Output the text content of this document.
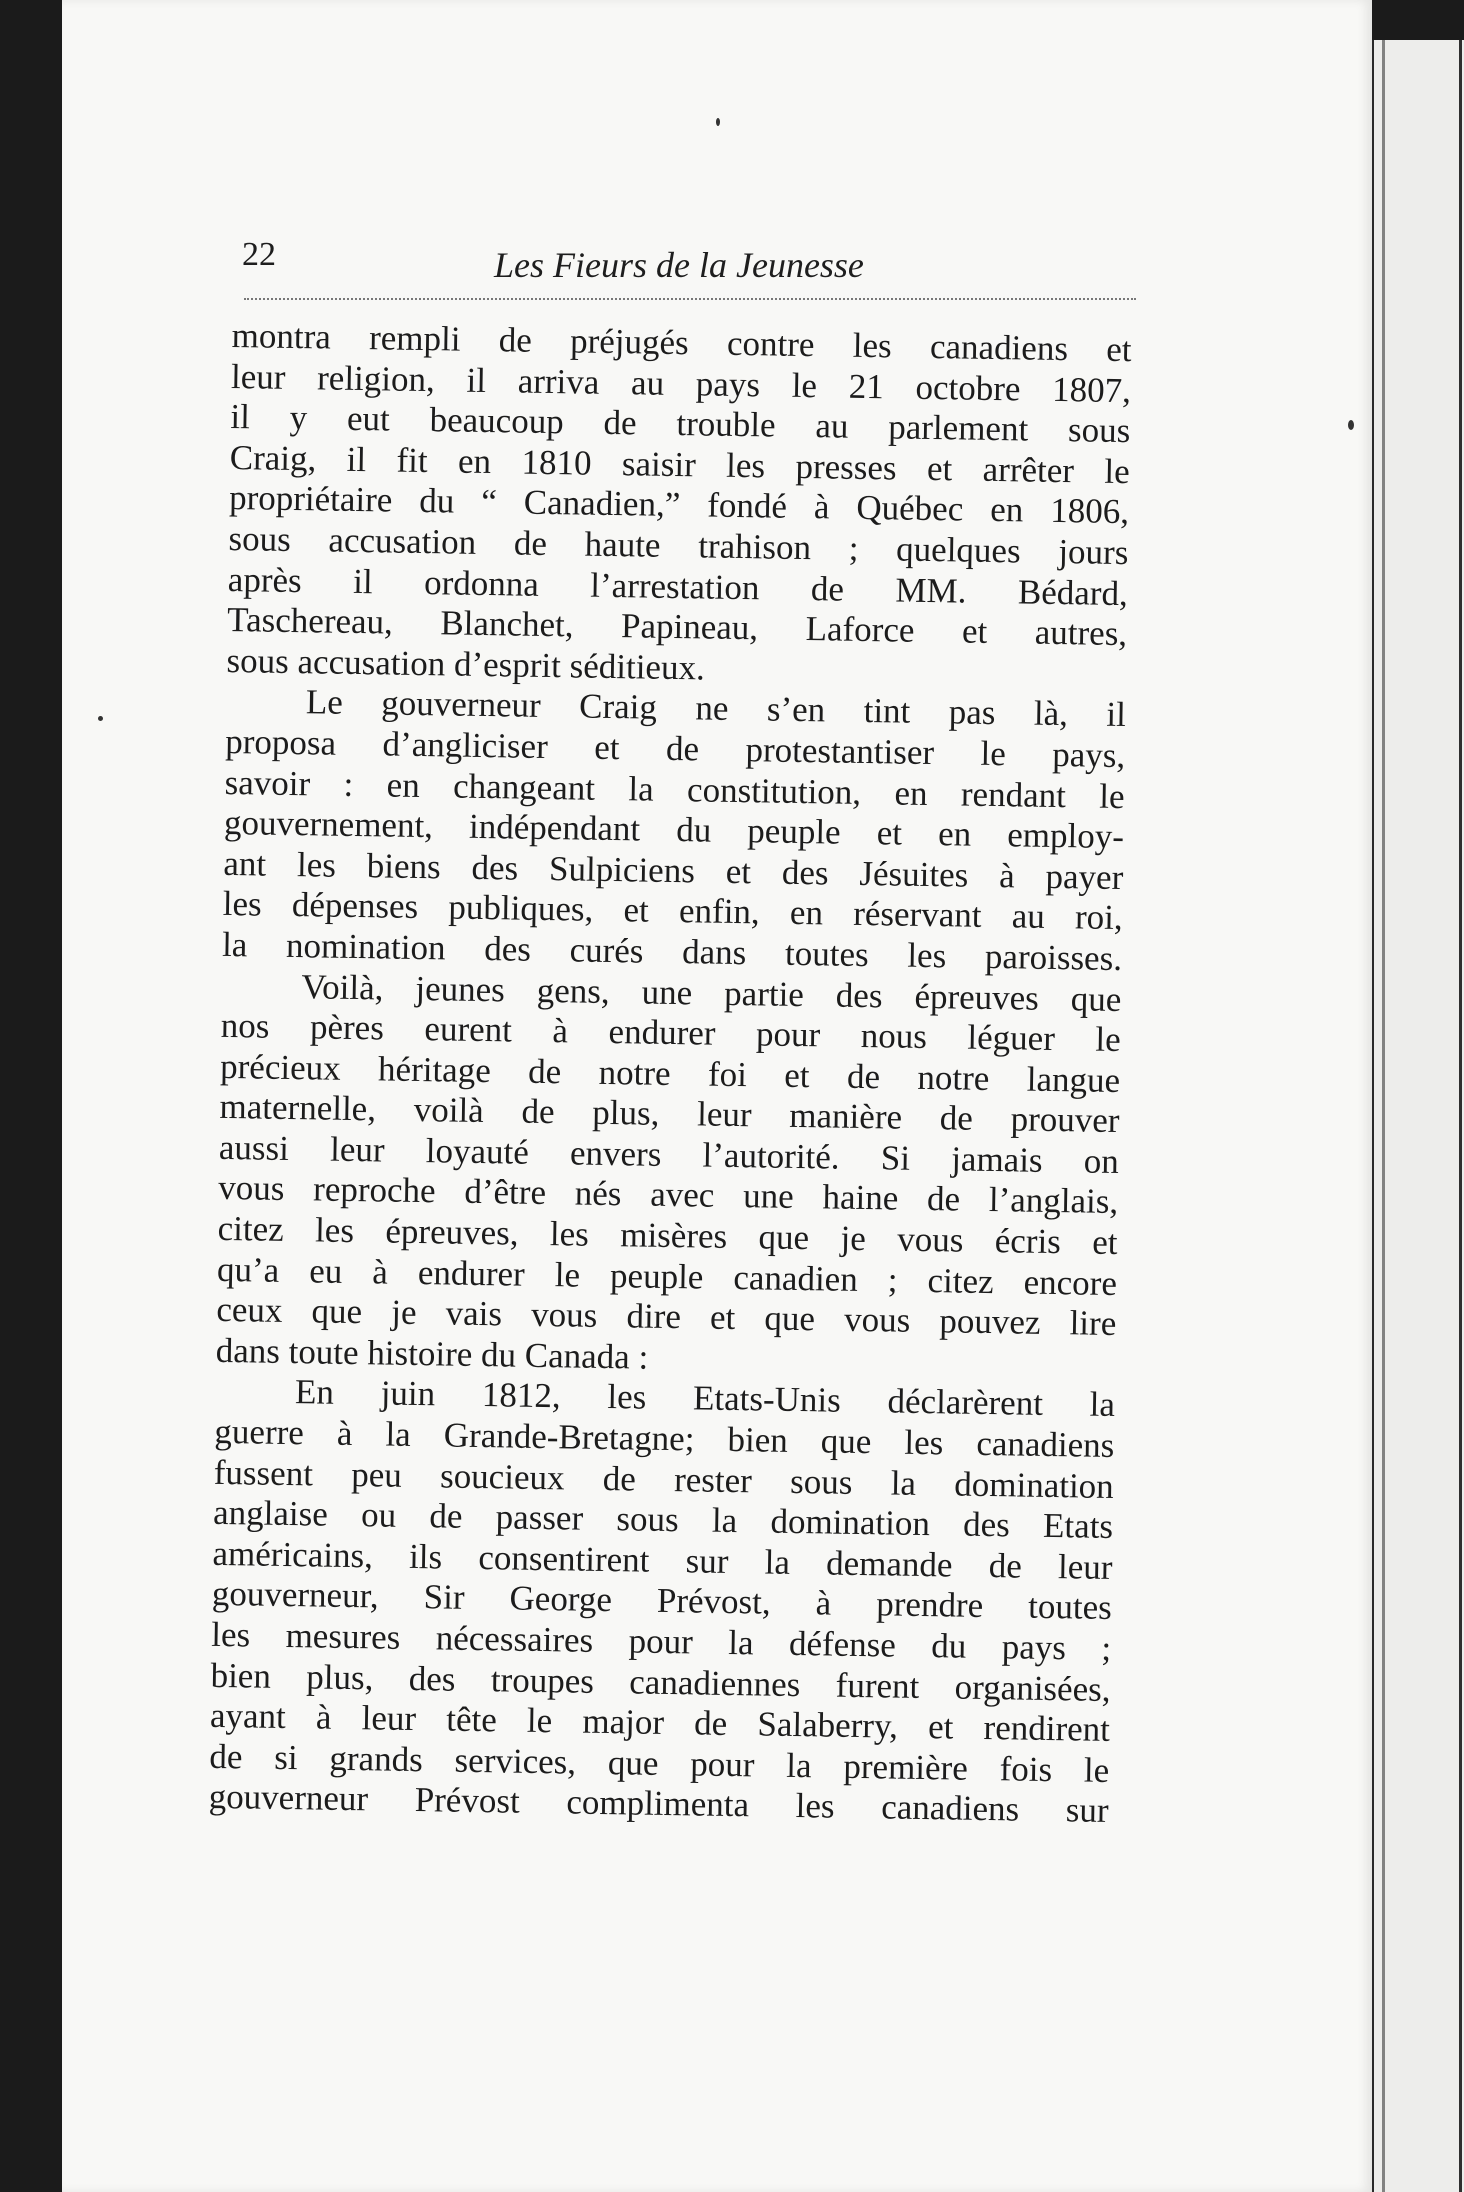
22	Les Fieurs de la Jeunesse
montra rempli de préjugés contre les canadiens et
leur religion, il arriva au pays le 21 octobre 1807,
il y eut beaucoup de trouble au parlement sous
Craig, il fit en 1810 saisir les presses et arrêter le
propriétaire du “ Canadien,” fondé à Québec en 1806,
sous accusation de haute trahison ; quelques jours
après il ordonna l’arrestation de MM. Bédard,
Taschereau, Blanchet, Papineau, Laforce et autres,
sous accusation d’esprit séditieux.
Le gouverneur Craig ne s’en tint pas là, il
proposa d’angliciser et de protestantiser le pays,
savoir : en changeant la constitution, en rendant le
gouvernement, indépendant du peuple et en employ-
ant les biens des Sulpiciens et des Jésuites à payer
les dépenses publiques, et enfin, en réservant au roi,
la nomination des curés dans toutes les paroisses.
Voilà, jeunes gens, une partie des épreuves que
nos pères eurent à endurer pour nous léguer le
précieux héritage de notre foi et de notre langue
maternelle, voilà de plus, leur manière de prouver
aussi leur loyauté envers l’autorité. Si jamais on
vous reproche d’être nés avec une haine de l’anglais,
citez les épreuves, les misères que je vous écris et
qu’a eu à endurer le peuple canadien ; citez encore
ceux que je vais vous dire et que vous pouvez lire
dans toute histoire du Canada :
En juin 1812, les Etats-Unis déclarèrent la
guerre à la Grande-Bretagne; bien que les canadiens
fussent peu soucieux de rester sous la domination
anglaise ou de passer sous la domination des Etats
américains, ils consentirent sur la demande de leur
gouverneur, Sir George Prévost, à prendre toutes
les mesures nécessaires pour la défense du pays ;
bien plus, des troupes canadiennes furent organisées,
ayant à leur tête le major de Salaberry, et rendirent
de si grands services, que pour la première fois le
gouverneur Prévost complimenta les canadiens sur
